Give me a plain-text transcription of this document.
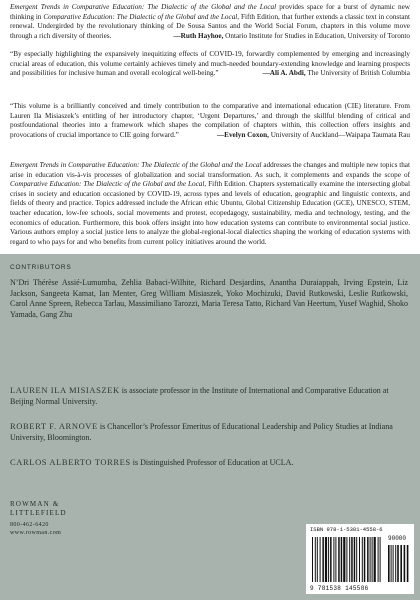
Emergent Trends in Comparative Education: The Dialectic of the Global and the Local provides space for a burst of dynamic new thinking in Comparative Education: The Dialectic of the Global and the Local, Fifth Edition, that further extends a classic text in constant renewal. Undergirded by the revolutionary thinking of De Sousa Santos and the World Social Forum, chapters in this volume move through a rich diversity of theories.	—Ruth Hayhoe, Ontario Institute for Studies in Education, University of Toronto

“By especially highlighting the expansively inequitizing effects of COVID-19, forwardly complemented by emerging and increasingly crucial areas of education, this volume certainly achieves timely and much-needed boundary-extending knowledge and learning prospects and possibilities for inclusive human and overall ecological well-being.”	—Ali A. Abdi, The University of British Columbia

“This volume is a brilliantly conceived and timely contribution to the comparative and international education (CIE) literature. From Lauren Ila Misiaszek’s entitling of her introductory chapter, ‘Urgent Departures,’ and through the skillful blending of critical and postfoundational theories into a framework which shapes the compilation of chapters within, this collection offers insights and provocations of crucial importance to CIE going forward.”	—Evelyn Coxon, University of Auckland—Waipapa Taumata Rau

Emergent Trends in Comparative Education: The Dialectic of the Global and the Local addresses the changes and multiple new topics that arise in education vis-à-vis processes of globalization and social transformation. As such, it complements and expands the scope of Comparative Education: The Dialectic of the Global and the Local, Fifth Edition. Chapters systematically examine the intersecting global crises in society and education occasioned by COVID-19, across types and levels of education, geographic and linguistic contexts, and fields of theory and practice. Topics addressed include the African ethic Ubuntu, Global Citizenship Education (GCE), UNESCO, STEM, teacher education, low-fee schools, social movements and protest, ecopedagogy, sustainability, media and technology, testing, and the economics of education. Furthermore, this book offers insight into how education systems can contribute to environmental social justice. Various authors employ a social justice lens to analyze the global-regional-local dialectics shaping the working of education systems with regard to who pays for and who benefits from current policy initiatives around the world.

CONTRIBUTORS

N’Dri Thérèse Assié-Lumumba, Zehlia Babaci-Wilhite, Richard Desjardins, Anantha Duraiappah, Irving Epstein, Liz Jackson, Sangeeta Kamat, Ian Menter, Greg William Misiaszek, Yoko Mochizuki, David Rutkowski, Leslie Rutkowski, Carol Anne Spreen, Rebecca Tarlau, Massimiliano Tarozzi, Maria Teresa Tatto, Richard Van Heertum, Yusef Waghid, Shoko Yamada, Gang Zhu

LAUREN ILA MISIASZEK is associate professor in the Institute of International and Comparative Education at Beijing Normal University.

ROBERT F. ARNOVE is Chancellor’s Professor Emeritus of Educational Leadership and Policy Studies at Indiana University, Bloomington.

CARLOS ALBERTO TORRES is Distinguished Professor of Education at UCLA.

ROWMAN &
LITTLEFIELD
800-462-6420
www.rowman.com	ISBN 978-1-5381-4558-6
90000
9 781538 145586
